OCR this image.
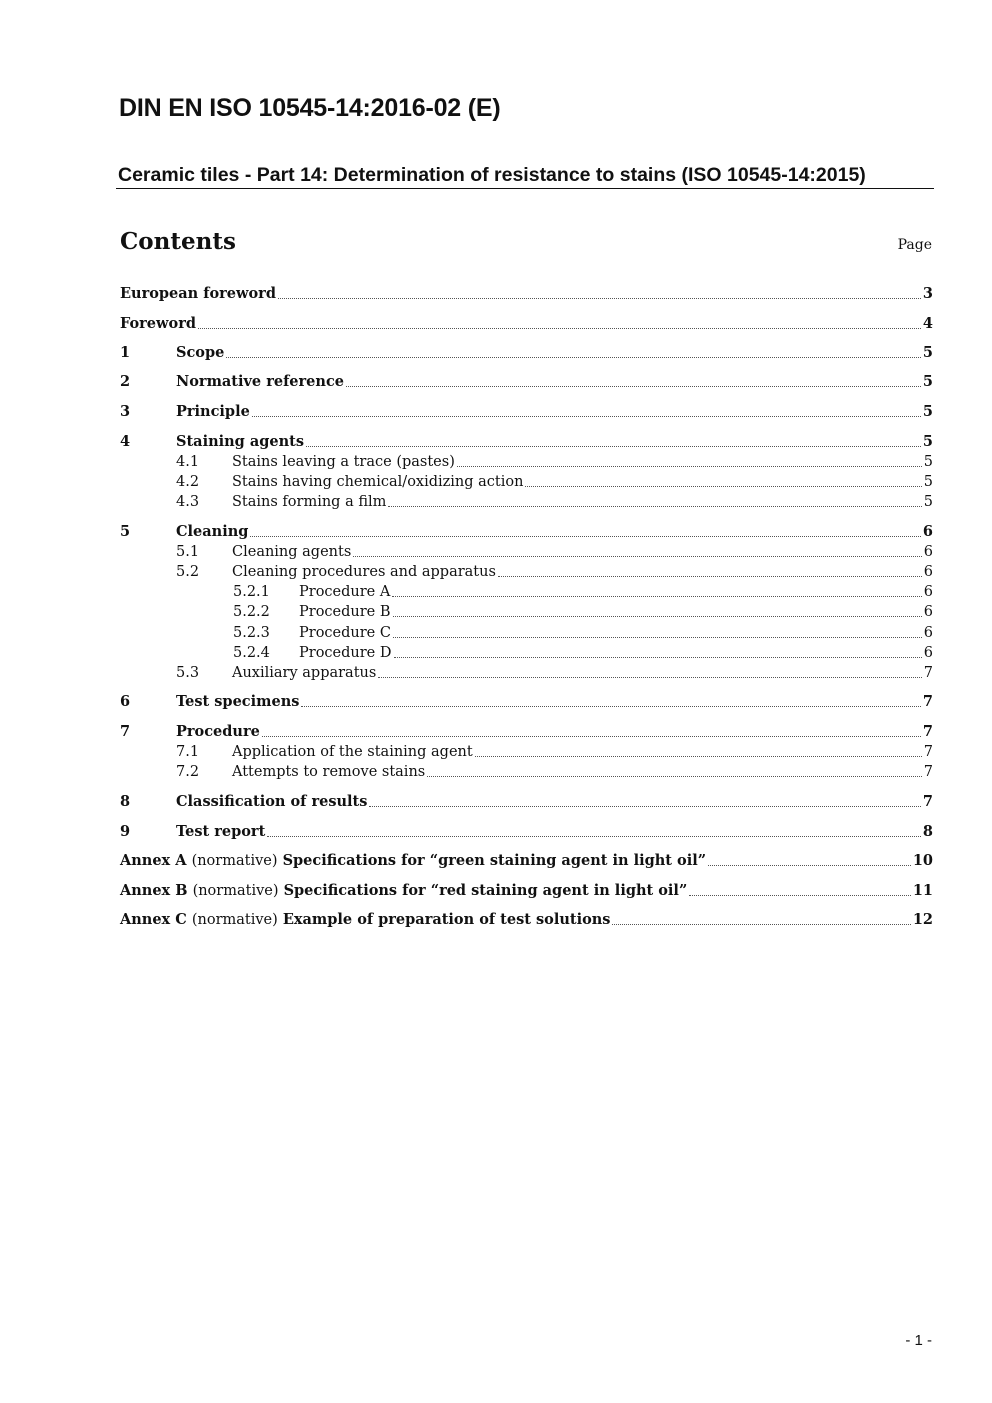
DIN EN ISO 10545-14:2016-02 (E)
Ceramic tiles - Part 14: Determination of resistance to stains (ISO 10545-14:2015)
Contents	Page
European foreword	3
Foreword	4
1	Scope	5
2	Normative reference	5
3	Principle	5
4	Staining agents	5
4.1	Stains leaving a trace (pastes)	5
4.2	Stains having chemical/oxidizing action	5
4.3	Stains forming a film	5
5	Cleaning	6
5.1	Cleaning agents	6
5.2	Cleaning procedures and apparatus	6
5.2.1	Procedure A	6
5.2.2	Procedure B	6
5.2.3	Procedure C	6
5.2.4	Procedure D	6
5.3	Auxiliary apparatus	7
6	Test specimens	7
7	Procedure	7
7.1	Application of the staining agent	7
7.2	Attempts to remove stains	7
8	Classification of results	7
9	Test report	8
Annex A (normative) Specifications for “green staining agent in light oil”	10
Annex B (normative) Specifications for “red staining agent in light oil”	11
Annex C (normative) Example of preparation of test solutions	12
- 1 -
